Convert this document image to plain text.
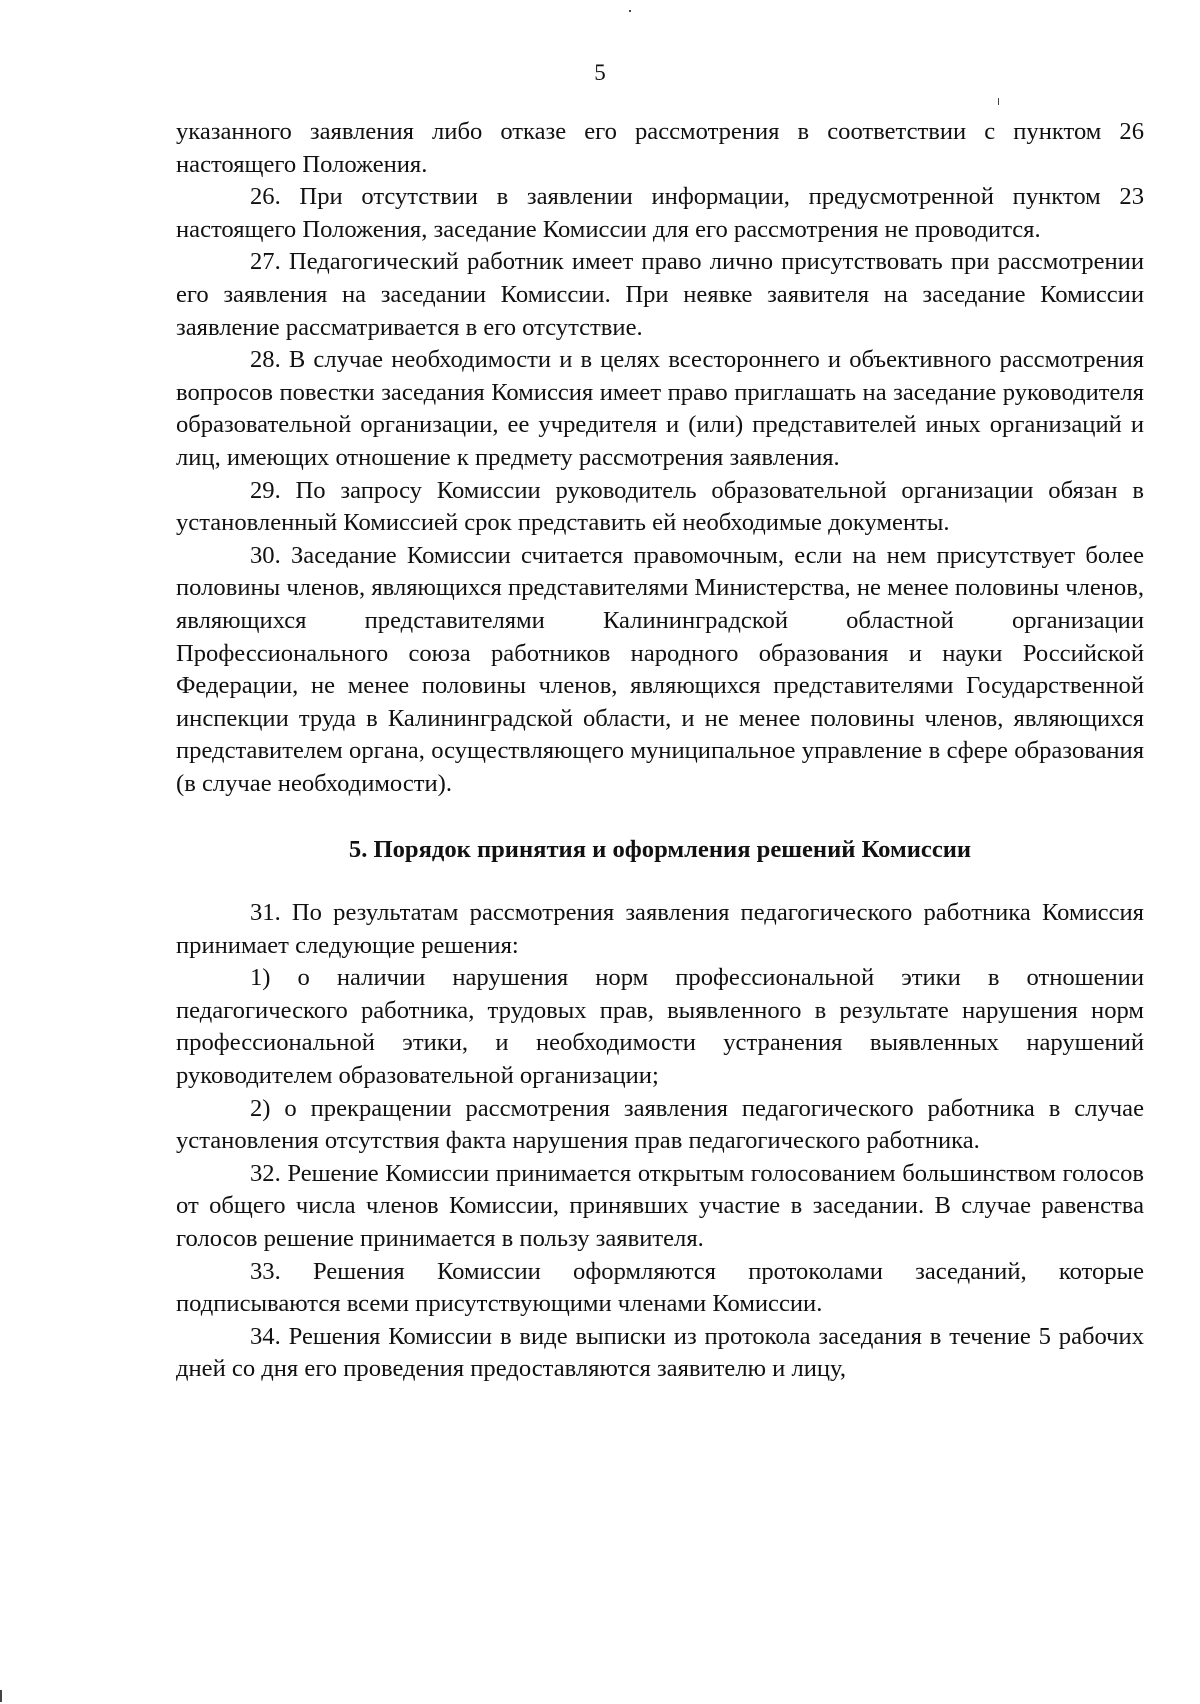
5

указанного заявления либо отказе его рассмотрения в соответствии с пунктом 26 настоящего Положения.

26. При отсутствии в заявлении информации, предусмотренной пунктом 23 настоящего Положения, заседание Комиссии для его рассмотрения не проводится.

27. Педагогический работник имеет право лично присутствовать при рассмотрении его заявления на заседании Комиссии. При неявке заявителя на заседание Комиссии заявление рассматривается в его отсутствие.

28. В случае необходимости и в целях всестороннего и объективного рассмотрения вопросов повестки заседания Комиссия имеет право приглашать на заседание руководителя образовательной организации, ее учредителя и (или) представителей иных организаций и лиц, имеющих отношение к предмету рассмотрения заявления.

29. По запросу Комиссии руководитель образовательной организации обязан в установленный Комиссией срок представить ей необходимые документы.

30. Заседание Комиссии считается правомочным, если на нем присутствует более половины членов, являющихся представителями Министерства, не менее половины членов, являющихся представителями Калининградской областной организации Профессионального союза работников народного образования и науки Российской Федерации, не менее половины членов, являющихся представителями Государственной инспекции труда в Калининградской области, и не менее половины членов, являющихся представителем органа, осуществляющего муниципальное управление в сфере образования (в случае необходимости).

5. Порядок принятия и оформления решений Комиссии

31. По результатам рассмотрения заявления педагогического работника Комиссия принимает следующие решения:

1) о наличии нарушения норм профессиональной этики в отношении педагогического работника, трудовых прав, выявленного в результате нарушения норм профессиональной этики, и необходимости устранения выявленных нарушений руководителем образовательной организации;

2) о прекращении рассмотрения заявления педагогического работника в случае установления отсутствия факта нарушения прав педагогического работника.

32. Решение Комиссии принимается открытым голосованием большинством голосов от общего числа членов Комиссии, принявших участие в заседании. В случае равенства голосов решение принимается в пользу заявителя.

33. Решения Комиссии оформляются протоколами заседаний, которые подписываются всеми присутствующими членами Комиссии.

34. Решения Комиссии в виде выписки из протокола заседания в течение 5 рабочих дней со дня его проведения предоставляются заявителю и лицу,
